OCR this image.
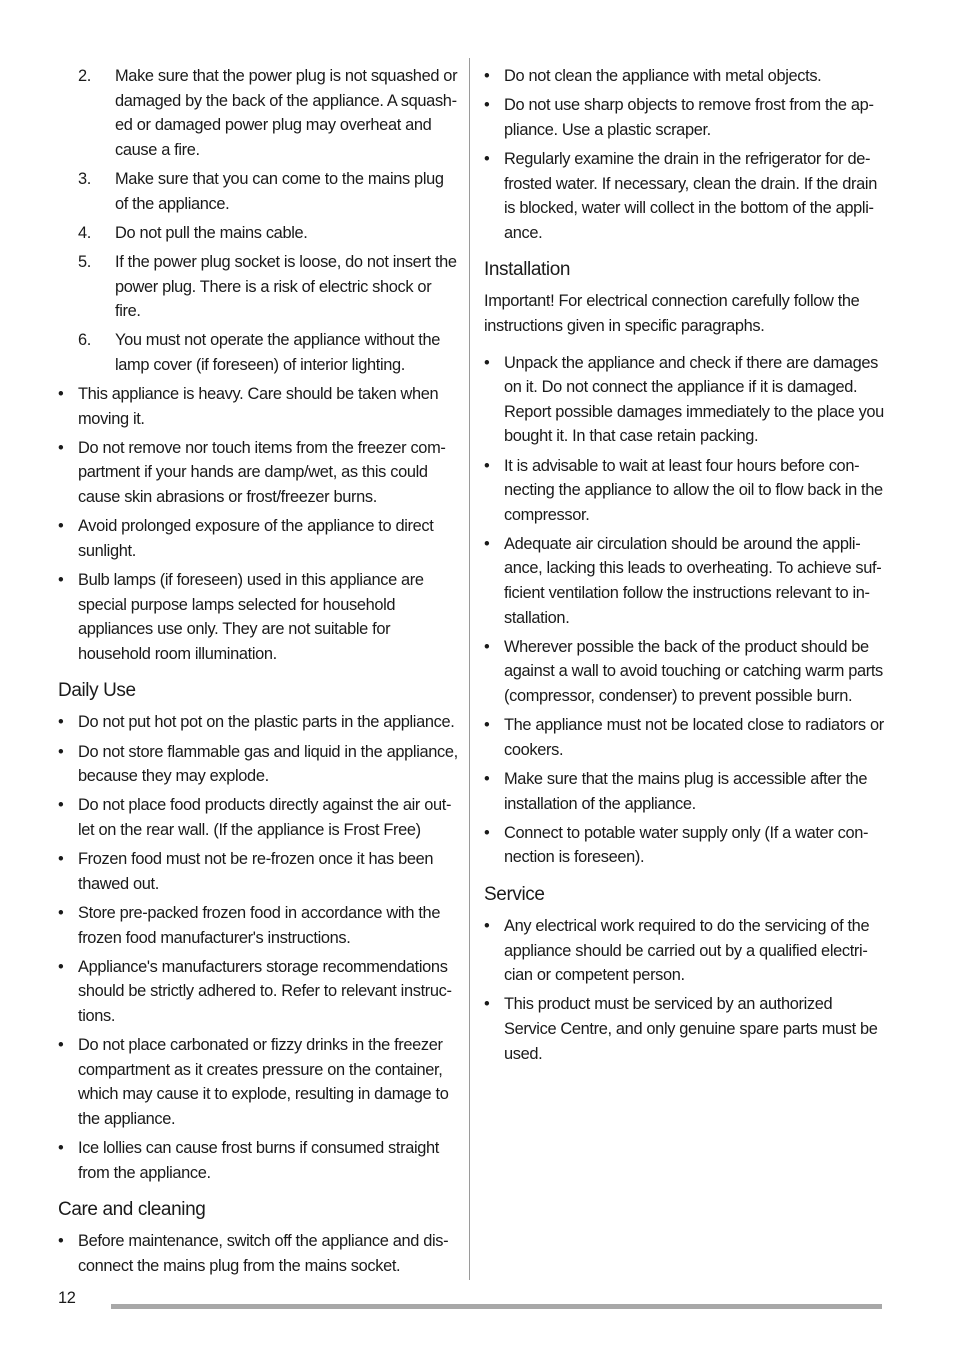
2. Make sure that the power plug is not squashed or damaged by the back of the appliance. A squashed or damaged power plug may overheat and cause a fire.
3. Make sure that you can come to the mains plug of the appliance.
4. Do not pull the mains cable.
5. If the power plug socket is loose, do not insert the power plug. There is a risk of electric shock or fire.
6. You must not operate the appliance without the lamp cover (if foreseen) of interior lighting.
• This appliance is heavy. Care should be taken when moving it.
• Do not remove nor touch items from the freezer compartment if your hands are damp/wet, as this could cause skin abrasions or frost/freezer burns.
• Avoid prolonged exposure of the appliance to direct sunlight.
• Bulb lamps (if foreseen) used in this appliance are special purpose lamps selected for household appliances use only. They are not suitable for household room illumination.
Daily Use
• Do not put hot pot on the plastic parts in the appliance.
• Do not store flammable gas and liquid in the appliance, because they may explode.
• Do not place food products directly against the air outlet on the rear wall. (If the appliance is Frost Free)
• Frozen food must not be re-frozen once it has been thawed out.
• Store pre-packed frozen food in accordance with the frozen food manufacturer's instructions.
• Appliance's manufacturers storage recommendations should be strictly adhered to. Refer to relevant instructions.
• Do not place carbonated or fizzy drinks in the freezer compartment as it creates pressure on the container, which may cause it to explode, resulting in damage to the appliance.
• Ice lollies can cause frost burns if consumed straight from the appliance.
Care and cleaning
• Before maintenance, switch off the appliance and disconnect the mains plug from the mains socket.
• Do not clean the appliance with metal objects.
• Do not use sharp objects to remove frost from the appliance. Use a plastic scraper.
• Regularly examine the drain in the refrigerator for defrosted water. If necessary, clean the drain. If the drain is blocked, water will collect in the bottom of the appliance.
Installation

Important! For electrical connection carefully follow the instructions given in specific paragraphs.

• Unpack the appliance and check if there are damages on it. Do not connect the appliance if it is damaged. Report possible damages immediately to the place you bought it. In that case retain packing.
• It is advisable to wait at least four hours before connecting the appliance to allow the oil to flow back in the compressor.
• Adequate air circulation should be around the appliance, lacking this leads to overheating. To achieve sufficient ventilation follow the instructions relevant to installation.
• Wherever possible the back of the product should be against a wall to avoid touching or catching warm parts (compressor, condenser) to prevent possible burn.
• The appliance must not be located close to radiators or cookers.
• Make sure that the mains plug is accessible after the installation of the appliance.
• Connect to potable water supply only (If a water connection is foreseen).
Service
• Any electrical work required to do the servicing of the appliance should be carried out by a qualified electrician or competent person.
• This product must be serviced by an authorized Service Centre, and only genuine spare parts must be used.
12
